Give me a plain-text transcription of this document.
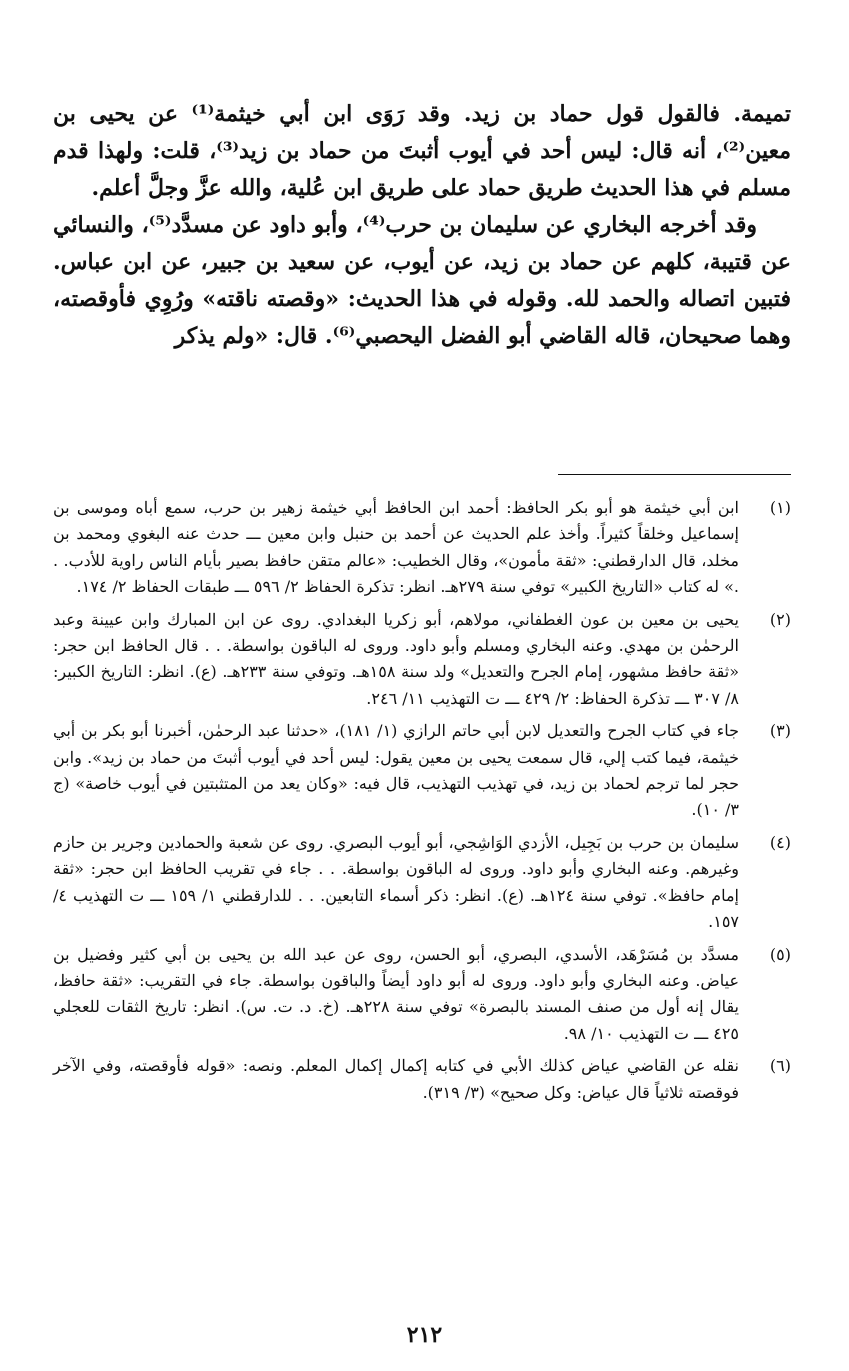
تميمة. فالقول قول حماد بن زيد. وقد رَوَى ابن أبي خيثمة⁽¹⁾ عن يحيى بن معين⁽²⁾، أنه قال: ليس أحد في أيوب أثبتَ من حماد بن زيد⁽³⁾، قلت: ولهذا قدم مسلم في هذا الحديث طريق حماد على طريق ابن عُلية، والله عزَّ وجلَّ أعلم.

وقد أخرجه البخاري عن سليمان بن حرب⁽⁴⁾، وأبو داود عن مسدَّد⁽⁵⁾، والنسائي عن قتيبة، كلهم عن حماد بن زيد، عن أيوب، عن سعيد بن جبير، عن ابن عباس. فتبين اتصاله والحمد لله. وقوله في هذا الحديث: «وقصته ناقته» ورُوِي فأوقصته، وهما صحيحان، قاله القاضي أبو الفضل اليحصبي⁽⁶⁾. قال: «ولم يذكر

(١)
ابن أبي خيثمة هو أبو بكر الحافظ: أحمد ابن الحافظ أبي خيثمة زهير بن حرب، سمع أباه وموسى بن إسماعيل وخلقاً كثيراً. وأخذ علم الحديث عن أحمد بن حنبل وابن معين ـــ حدث عنه البغوي ومحمد بن مخلد، قال الدارقطني: «ثقة مأمون»، وقال الخطيب: «عالم متقن حافظ بصير بأيام الناس راوية للأدب. . .» له كتاب «التاريخ الكبير» توفي سنة ٢٧٩هـ. انظر: تذكرة الحفاظ ٢/ ٥٩٦ ـــ طبقات الحفاظ ٢/ ١٧٤.
(٢)
يحيى بن معين بن عون الغطفاني، مولاهم، أبو زكريا البغدادي. روى عن ابن المبارك وابن عيينة وعبد الرحمٰن بن مهدي. وعنه البخاري ومسلم وأبو داود. وروى له الباقون بواسطة. . . قال الحافظ ابن حجر: «ثقة حافظ مشهور، إمام الجرح والتعديل» ولد سنة ١٥٨هـ. وتوفي سنة ٢٣٣هـ. (ع). انظر: التاريخ الكبير: ٨/ ٣٠٧ ـــ تذكرة الحفاظ: ٢/ ٤٢٩ ـــ ت التهذيب ١١/ ٢٤٦.
(٣)
جاء في كتاب الجرح والتعديل لابن أبي حاتم الرازي (١/ ١٨١)، «حدثنا عبد الرحمٰن، أخبرنا أبو بكر بن أبي خيثمة، فيما كتب إلي، قال سمعت يحيى بن معين يقول: ليس أحد في أيوب أثبتَ من حماد بن زيد». وابن حجر لما ترجم لحماد بن زيد، في تهذيب التهذيب، قال فيه: «وكان يعد من المتثبتين في أيوب خاصة» (ج ٣/ ١٠).
(٤)
سليمان بن حرب بن بَجِيل، الأزدي الوَاشِجي، أبو أيوب البصري. روى عن شعبة والحمادين وجرير بن حازم وغيرهم. وعنه البخاري وأبو داود. وروى له الباقون بواسطة. . . جاء في تقريب الحافظ ابن حجر: «ثقة إمام حافظ». توفي سنة ١٢٤هـ. (ع). انظر: ذكر أسماء التابعين. . . للدارقطني ١/ ١٥٩ ـــ ت التهذيب ٤/ ١٥٧.
(٥)
مسدَّد بن مُسَرْهَد، الأسدي، البصري، أبو الحسن، روى عن عبد الله بن يحيى بن أبي كثير وفضيل بن عياض. وعنه البخاري وأبو داود. وروى له أبو داود أيضاً والباقون بواسطة. جاء في التقريب: «ثقة حافظ، يقال إنه أول من صنف المسند بالبصرة» توفي سنة ٢٢٨هـ. (خ. د. ت. س). انظر: تاريخ الثقات للعجلي ٤٢٥ ـــ ت التهذيب ١٠/ ٩٨.
(٦)
نقله عن القاضي عياض كذلك الأبي في كتابه إكمال إكمال المعلم. ونصه: «قوله فأوقصته، وفي الآخر فوقصته ثلاثياً قال عياض: وكل صحيح» (٣/ ٣١٩).
٢١٢
